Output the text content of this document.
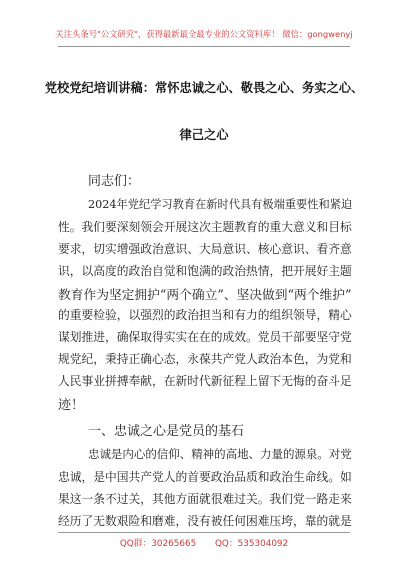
关注头条号"公文研究"，获得最新最全最专业的公文资料库！ 微信：gongwenyj
党校党纪培训讲稿：常怀忠诚之心、敬畏之心、务实之心、
律己之心
同志们：
2024年党纪学习教育在新时代具有极端重要性和紧迫
性。我们要深刻领会开展这次主题教育的重大意义和目标
要求，切实增强政治意识、大局意识、核心意识、看齐意
识，以高度的政治自觉和饱满的政治热情，把开展好主题
教育作为坚定拥护“两个确立”、坚决做到“两个维护”
的重要检验，以强烈的政治担当和有力的组织领导，精心
谋划推进，确保取得实实在在的成效。党员干部要坚守党
规党纪，秉持正确心态，永葆共产党人政治本色，为党和
人民事业拼搏奉献，在新时代新征程上留下无悔的奋斗足
迹！
一、忠诚之心是党员的基石
忠诚是内心的信仰、精神的高地、力量的源泉。对党
忠诚，是中国共产党人的首要政治品质和政治生命线。如
果这一条不过关，其他方面就很难过关。我们党一路走来
经历了无数艰险和磨难，没有被任何困难压垮，靠的就是
QQ群：30265665 QQ：535304092
